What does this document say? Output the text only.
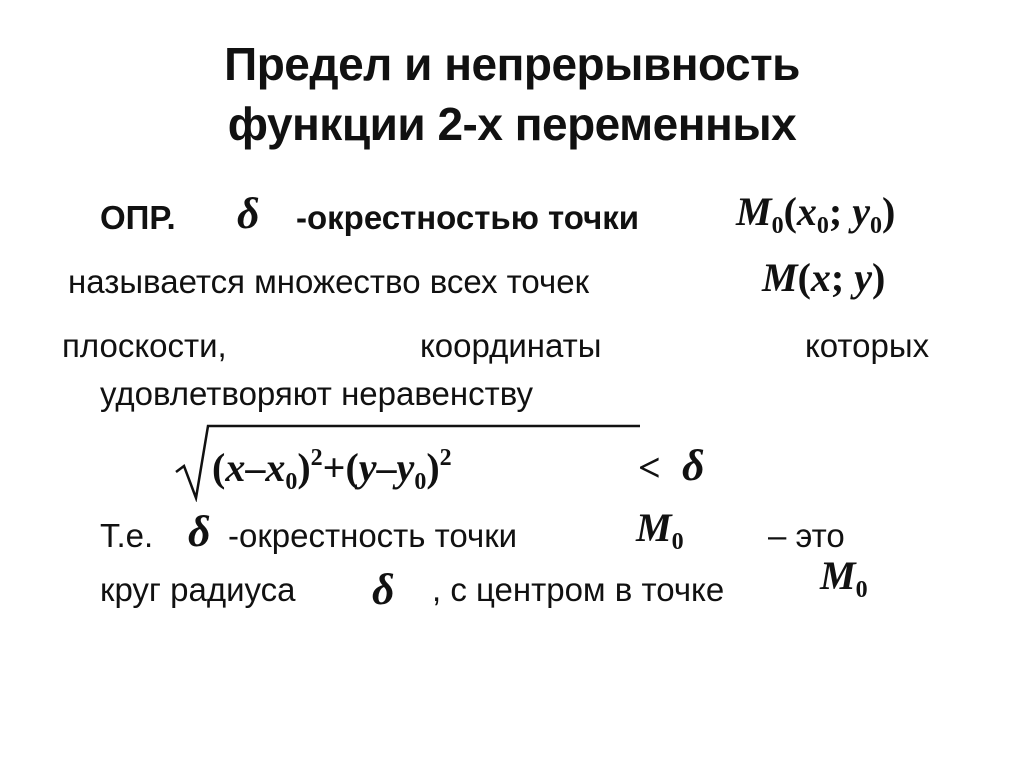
Предел и непрерывность
функции 2-х переменных
ОПР. δ -окрестностью точки $M_0(x_0$; $y_0$)
называется множество всех точек	M(x; y)
плоскости,	координаты	которых
удовлетворяют неравенству
$(x-x_0)^2+(y-y_0)^2$	< δ
Т.е. δ -окрестность точки	$M_0$	– это
круг радиуса δ , с центром в точке $M_0$
